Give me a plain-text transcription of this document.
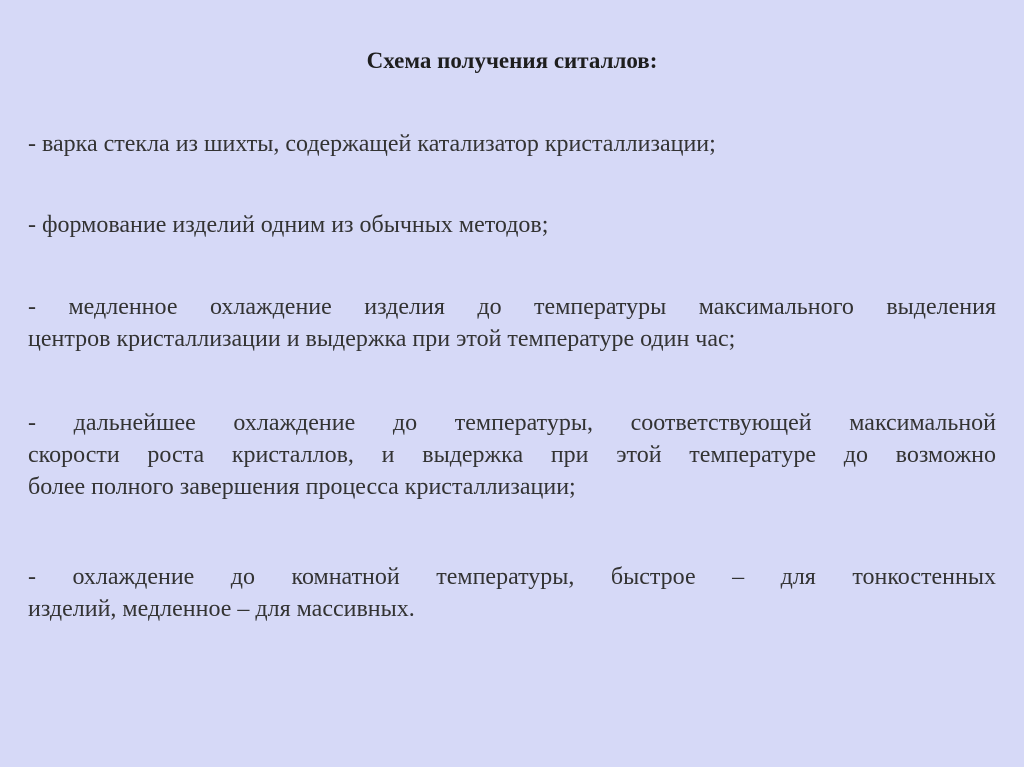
Схема получения ситаллов:
- варка стекла из шихты, содержащей катализатор кристаллизации;
- формование изделий одним из обычных методов;
- медленное охлаждение изделия до температуры максимального выделения
центров кристаллизации и выдержка при этой температуре один час;
- дальнейшее охлаждение до температуры, соответствующей максимальной
скорости роста кристаллов, и выдержка при этой температуре до возможно
более полного завершения процесса кристаллизации;
- охлаждение до комнатной температуры, быстрое – для тонкостенных
изделий, медленное – для массивных.
